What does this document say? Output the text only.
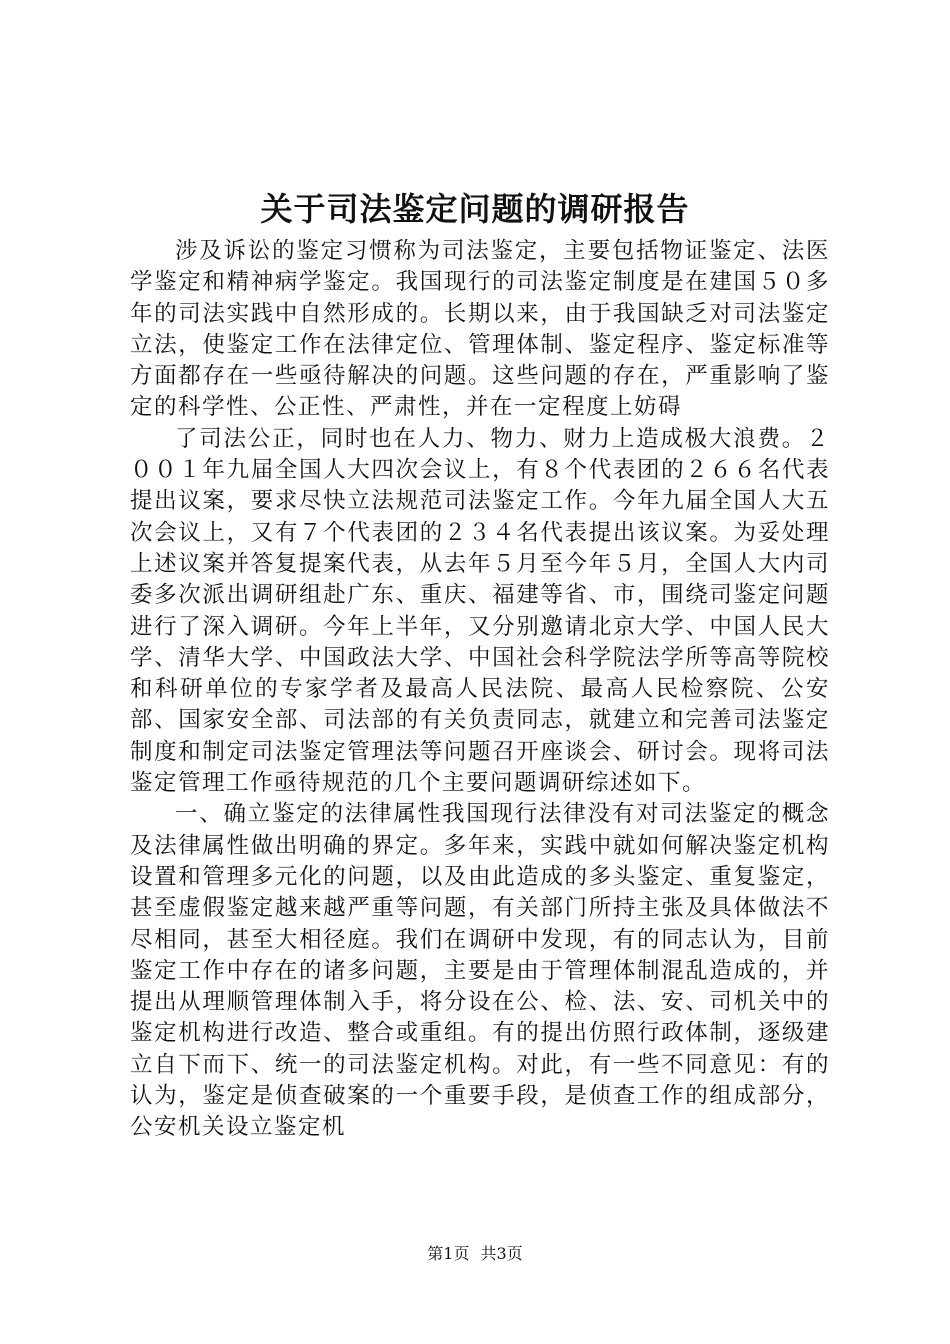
关于司法鉴定问题的调研报告

涉及诉讼的鉴定习惯称为司法鉴定，主要包括物证鉴定、法医学鉴定和精神病学鉴定。我国现行的司法鉴定制度是在建国５０多年的司法实践中自然形成的。长期以来，由于我国缺乏对司法鉴定立法，使鉴定工作在法律定位、管理体制、鉴定程序、鉴定标准等方面都存在一些亟待解决的问题。这些问题的存在，严重影响了鉴定的科学性、公正性、严肃性，并在一定程度上妨碍

了司法公正，同时也在人力、物力、财力上造成极大浪费。２００１年九届全国人大四次会议上，有８个代表团的２６６名代表提出议案，要求尽快立法规范司法鉴定工作。今年九届全国人大五次会议上，又有７个代表团的２３４名代表提出该议案。为妥处理上述议案并答复提案代表，从去年５月至今年５月，全国人大内司委多次派出调研组赴广东、重庆、福建等省、市，围绕司鉴定问题进行了深入调研。今年上半年，又分别邀请北京大学、中国人民大学、清华大学、中国政法大学、中国社会科学院法学所等高等院校和科研单位的专家学者及最高人民法院、最高人民检察院、公安部、国家安全部、司法部的有关负责同志，就建立和完善司法鉴定制度和制定司法鉴定管理法等问题召开座谈会、研讨会。现将司法鉴定管理工作亟待规范的几个主要问题调研综述如下。

一、确立鉴定的法律属性我国现行法律没有对司法鉴定的概念及法律属性做出明确的界定。多年来，实践中就如何解决鉴定机构设置和管理多元化的问题，以及由此造成的多头鉴定、重复鉴定，甚至虚假鉴定越来越严重等问题，有关部门所持主张及具体做法不尽相同，甚至大相径庭。我们在调研中发现，有的同志认为，目前鉴定工作中存在的诸多问题，主要是由于管理体制混乱造成的，并提出从理顺管理体制入手，将分设在公、检、法、安、司机关中的鉴定机构进行改造、整合或重组。有的提出仿照行政体制，逐级建立自下而下、统一的司法鉴定机构。对此，有一些不同意见：有的认为，鉴定是侦查破案的一个重要手段，是侦查工作的组成部分，公安机关设立鉴定机

第1页 共3页
